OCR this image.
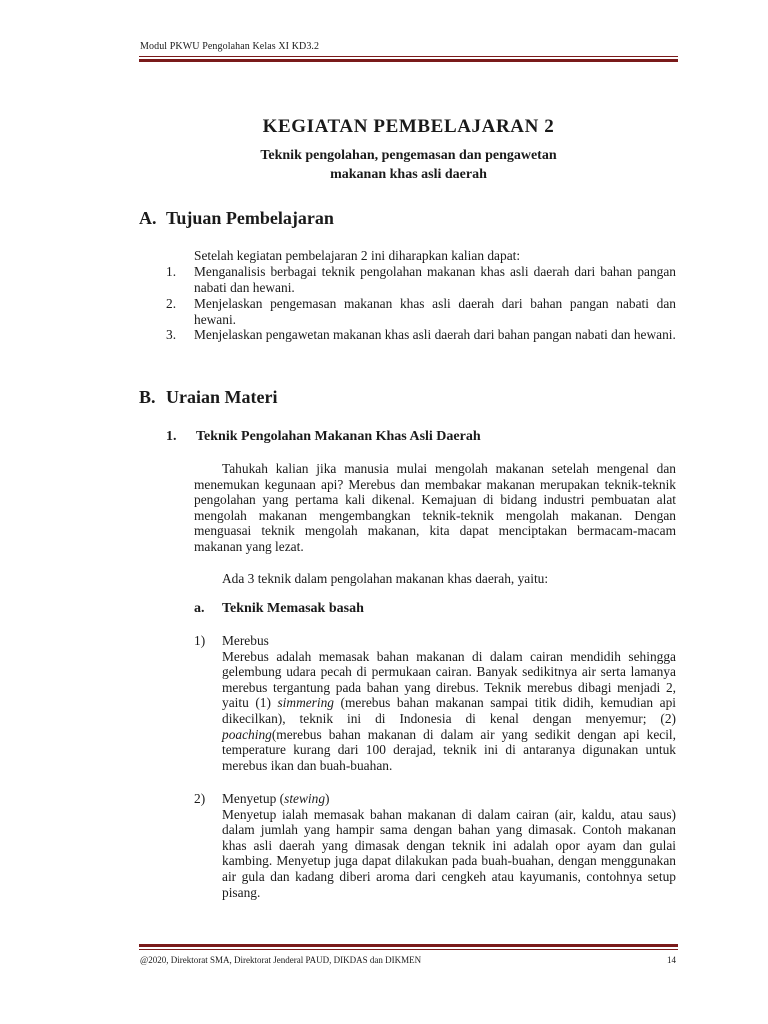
Modul PKWU Pengolahan Kelas XI KD3.2
KEGIATAN PEMBELAJARAN 2
Teknik pengolahan, pengemasan dan pengawetan
makanan khas asli daerah
A. Tujuan Pembelajaran
Setelah kegiatan pembelajaran 2 ini diharapkan kalian dapat:
1. Menganalisis berbagai teknik pengolahan makanan khas asli daerah dari bahan pangan nabati dan hewani.
2. Menjelaskan pengemasan makanan khas asli daerah dari bahan pangan nabati dan hewani.
3. Menjelaskan pengawetan makanan khas asli daerah dari bahan pangan nabati dan hewani.
B. Uraian Materi
1. Teknik Pengolahan Makanan Khas Asli Daerah
Tahukah kalian jika manusia mulai mengolah makanan setelah mengenal dan menemukan kegunaan api? Merebus dan membakar makanan merupakan teknik-teknik pengolahan yang pertama kali dikenal. Kemajuan di bidang industri pembuatan alat mengolah makanan mengembangkan teknik-teknik mengolah makanan. Dengan menguasai teknik mengolah makanan, kita dapat menciptakan bermacam-macam makanan yang lezat.
Ada 3 teknik dalam pengolahan makanan khas daerah, yaitu:
a. Teknik Memasak basah
1) Merebus
Merebus adalah memasak bahan makanan di dalam cairan mendidih sehingga gelembung udara pecah di permukaan cairan. Banyak sedikitnya air serta lamanya merebus tergantung pada bahan yang direbus. Teknik merebus dibagi menjadi 2, yaitu (1) simmering (merebus bahan makanan sampai titik didih, kemudian api dikecilkan), teknik ini di Indonesia di kenal dengan menyemur; (2) poaching(merebus bahan makanan di dalam air yang sedikit dengan api kecil, temperature kurang dari 100 derajad, teknik ini di antaranya digunakan untuk merebus ikan dan buah-buahan.
2) Menyetup (stewing)
Menyetup ialah memasak bahan makanan di dalam cairan (air, kaldu, atau saus) dalam jumlah yang hampir sama dengan bahan yang dimasak. Contoh makanan khas asli daerah yang dimasak dengan teknik ini adalah opor ayam dan gulai kambing. Menyetup juga dapat dilakukan pada buah-buahan, dengan menggunakan air gula dan kadang diberi aroma dari cengkeh atau kayumanis, contohnya setup pisang.
@2020, Direktorat SMA, Direktorat Jenderal PAUD, DIKDAS dan DIKMEN	14
